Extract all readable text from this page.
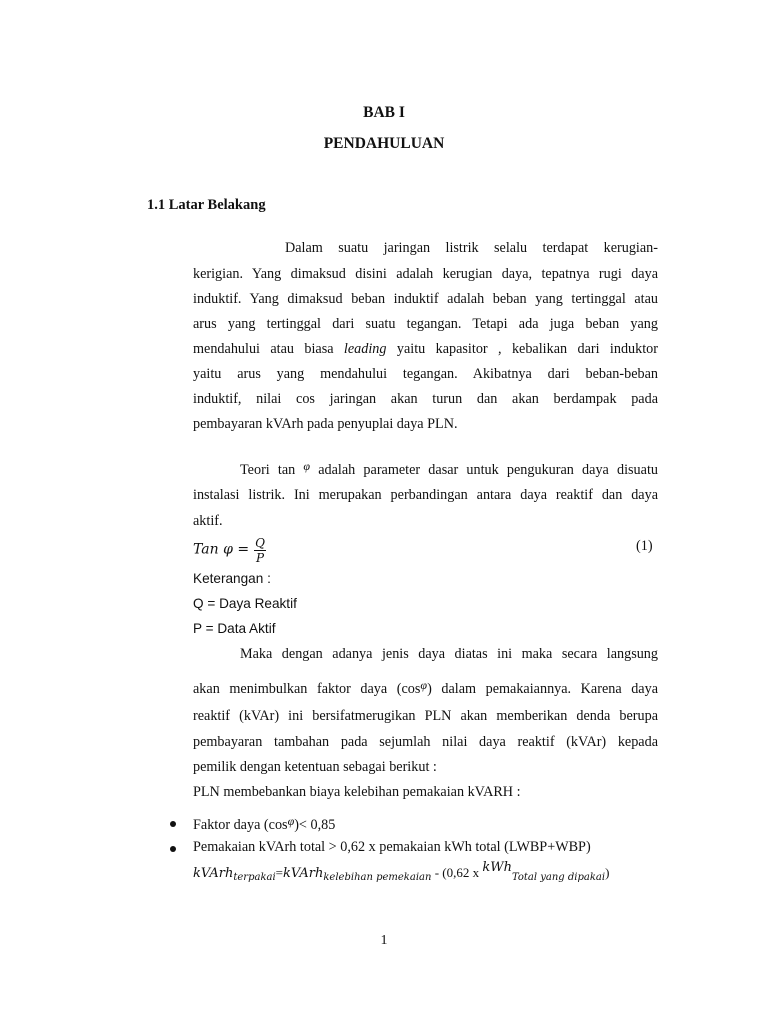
BAB I
PENDAHULUAN
1.1 Latar Belakang
Dalam suatu jaringan listrik selalu terdapat kerugian-
kerigian. Yang dimaksud disini adalah kerugian daya, tepatnya rugi daya
induktif. Yang dimaksud beban induktif adalah beban yang tertinggal atau
arus yang tertinggal dari suatu tegangan. Tetapi ada juga beban yang
mendahului atau biasa leading yaitu kapasitor , kebalikan dari induktor
yaitu arus yang mendahului tegangan. Akibatnya dari beban-beban
induktif, nilai cos jaringan akan turun dan akan berdampak pada
pembayaran kVArh pada penyuplai daya PLN.
Teori tan $^\varphi$ adalah parameter dasar untuk pengukuran daya disuatu
instalasi listrik. Ini merupakan perbandingan antara daya reaktif dan daya
aktif.
Tan $\varphi = \frac{Q}{P}$	(1)
Keterangan :
Q = Daya Reaktif
P = Data Aktif
Maka dengan adanya jenis daya diatas ini maka secara langsung
akan menimbulkan faktor daya $(\cos^\varphi)$ dalam pemakaiannya. Karena daya
reaktif (kVAr) ini bersifatmerugikan PLN akan memberikan denda berupa
pembayaran tambahan pada sejumlah nilai daya reaktif (kVAr) kepada
pemilik dengan ketentuan sebagai berikut :
PLN membebankan biaya kelebihan pemakaian kVARH :
Faktor daya $(\cos^\varphi)< 0,85$
Pemakaian kVArh total > 0,62 x pemakaian kWh total (LWBP+WBP)
kVArh$_{terpakai}$=kVArh$_{kelebihan pemekaian}$ - (0,62 x kWh$_{Total yang dipakai}$)
1
